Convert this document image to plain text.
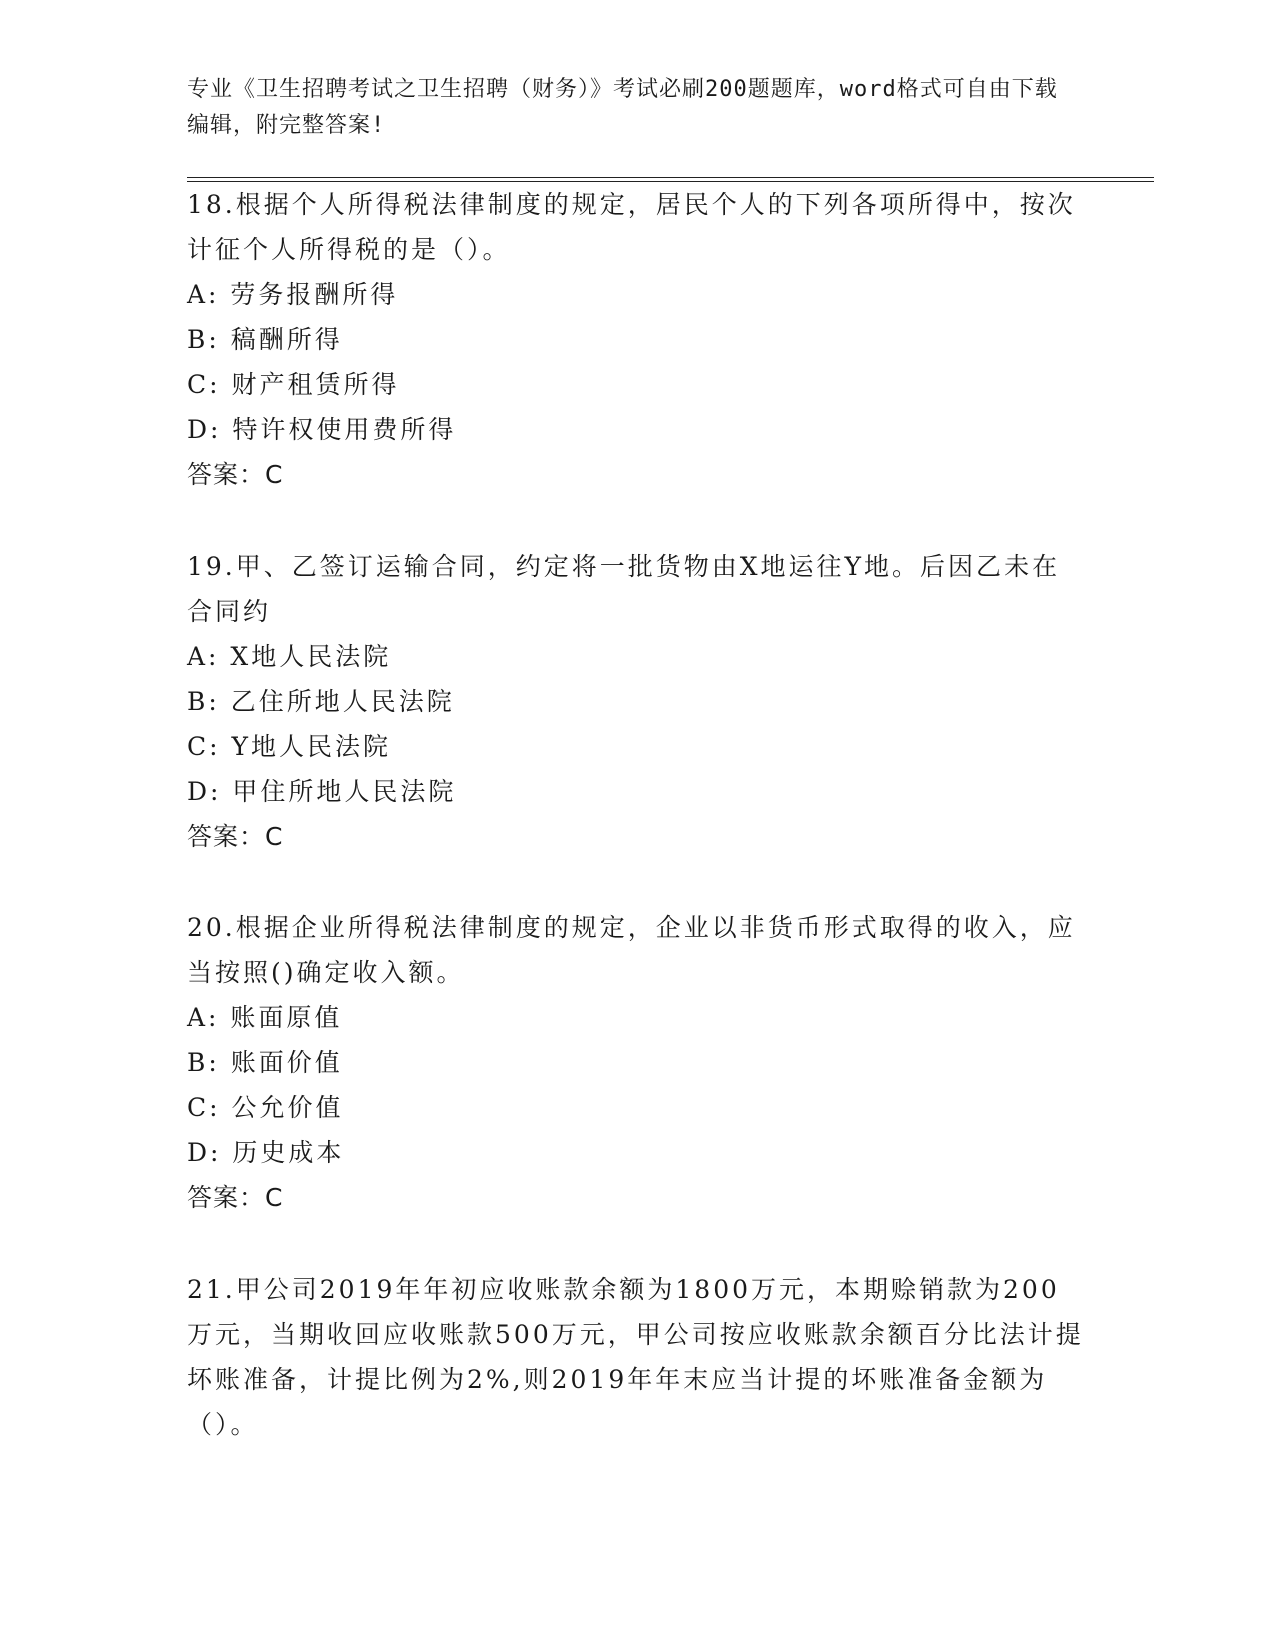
专业《卫生招聘考试之卫生招聘（财务）》考试必刷200题题库，word格式可自由下载编辑，附完整答案!

18.根据个人所得税法律制度的规定，居民个人的下列各项所得中，按次计征个人所得税的是（）。

A: 劳务报酬所得

B: 稿酬所得

C: 财产租赁所得

D: 特许权使用费所得

答案：C

19.甲、乙签订运输合同，约定将一批货物由X地运往Y地。后因乙未在合同约

A: X地人民法院

B: 乙住所地人民法院

C: Y地人民法院

D: 甲住所地人民法院

答案：C

20.根据企业所得税法律制度的规定，企业以非货币形式取得的收入，应当按照()确定收入额。

A: 账面原值

B: 账面价值

C: 公允价值

D: 历史成本

答案：C

21.甲公司2019年年初应收账款余额为1800万元，本期赊销款为200万元，当期收回应收账款500万元，甲公司按应收账款余额百分比法计提坏账准备，计提比例为2%,则2019年年末应当计提的坏账准备金额为（）。
